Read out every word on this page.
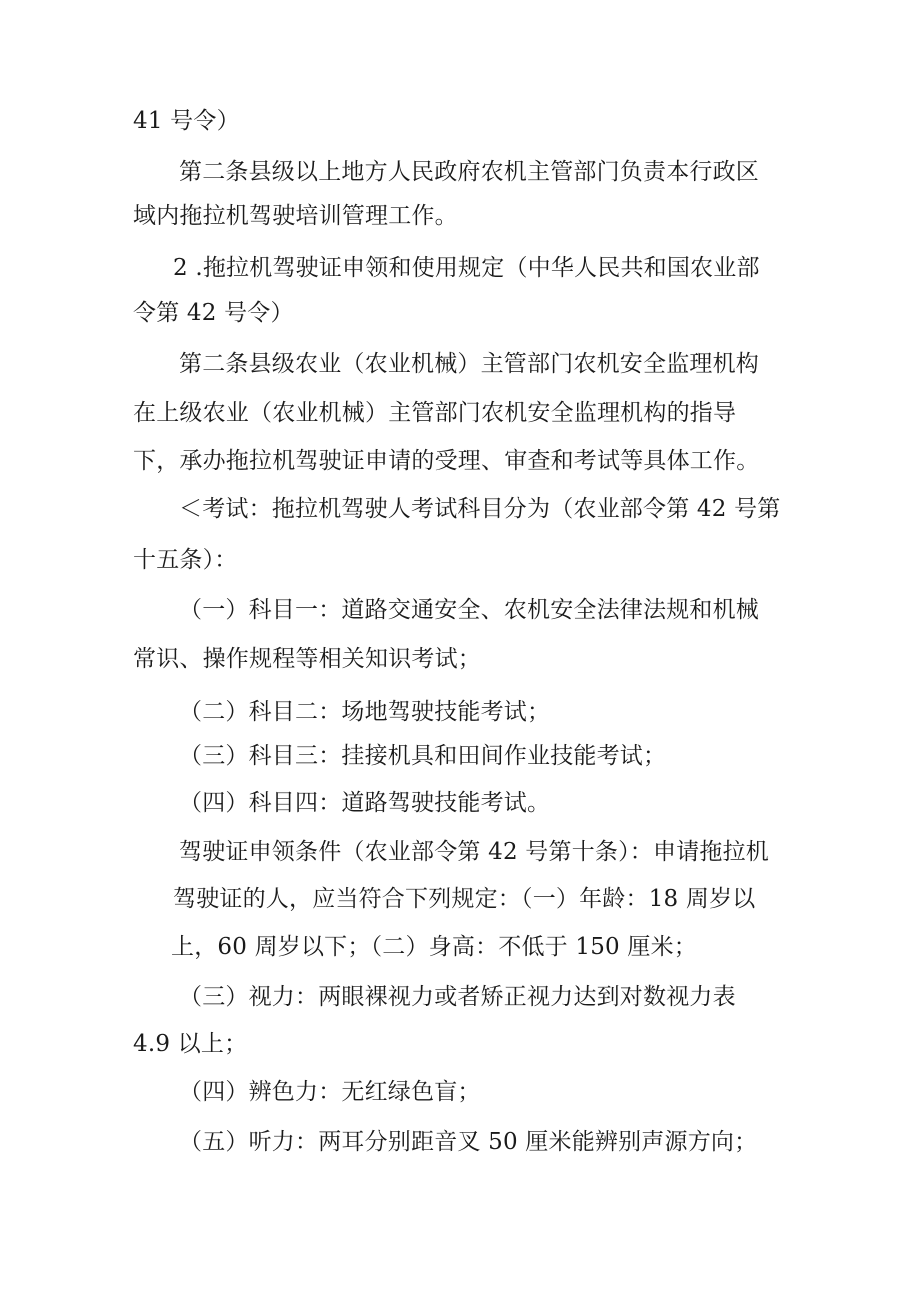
41 号令）
第二条县级以上地方人民政府农机主管部门负责本行政区
域内拖拉机驾驶培训管理工作。
2 .拖拉机驾驶证申领和使用规定（中华人民共和国农业部
令第 42 号令）
第二条县级农业（农业机械）主管部门农机安全监理机构
在上级农业（农业机械）主管部门农机安全监理机构的指导
下，承办拖拉机驾驶证申请的受理、审查和考试等具体工作。
＜考试：拖拉机驾驶人考试科目分为（农业部令第 42 号第
十五条）：
（一）科目一：道路交通安全、农机安全法律法规和机械
常识、操作规程等相关知识考试；
（二）科目二：场地驾驶技能考试；
（三）科目三：挂接机具和田间作业技能考试；
（四）科目四：道路驾驶技能考试。
驾驶证申领条件（农业部令第 42 号第十条）：申请拖拉机
驾驶证的人，应当符合下列规定：（一）年龄：18 周岁以
上，60 周岁以下；（二）身高：不低于 150 厘米；
（三）视力：两眼裸视力或者矫正视力达到对数视力表
4.9 以上；
（四）辨色力：无红绿色盲；
（五）听力：两耳分别距音叉 50 厘米能辨别声源方向；
